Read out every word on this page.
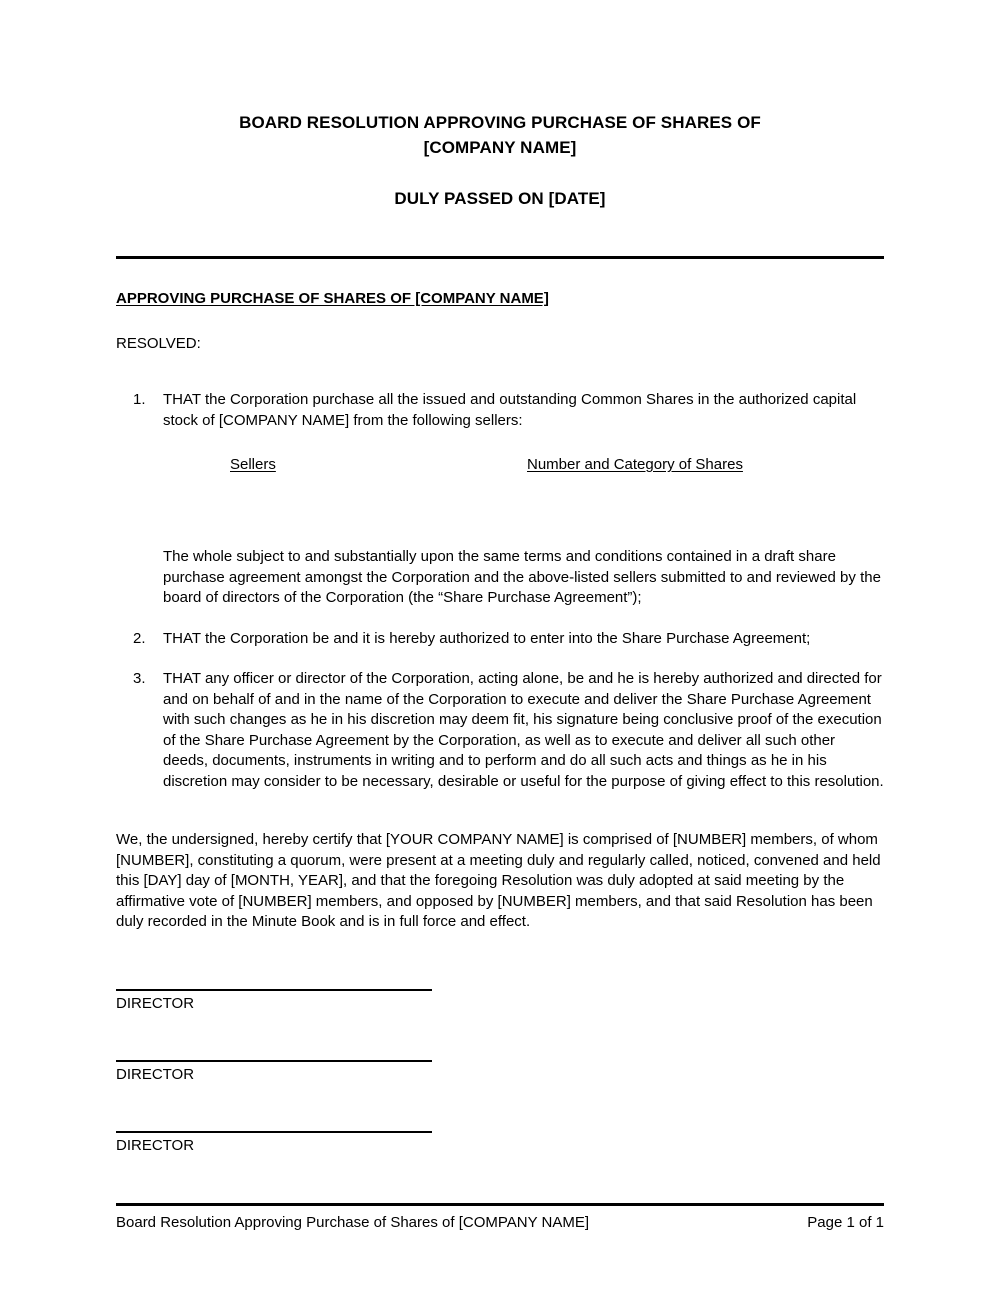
BOARD RESOLUTION APPROVING PURCHASE OF SHARES OF
[COMPANY NAME]
DULY PASSED ON [DATE]
APPROVING PURCHASE OF SHARES OF [COMPANY NAME]
RESOLVED:
1.	THAT the Corporation purchase all the issued and outstanding Common Shares in the authorized capital stock of [COMPANY NAME] from the following sellers:
Sellers	Number and Category of Shares
The whole subject to and substantially upon the same terms and conditions contained in a draft share purchase agreement amongst the Corporation and the above-listed sellers submitted to and reviewed by the board of directors of the Corporation (the “Share Purchase Agreement”);
2.	THAT the Corporation be and it is hereby authorized to enter into the Share Purchase Agreement;
3.	THAT any officer or director of the Corporation, acting alone, be and he is hereby authorized and directed for and on behalf of and in the name of the Corporation to execute and deliver the Share Purchase Agreement with such changes as he in his discretion may deem fit, his signature being conclusive proof of the execution of the Share Purchase Agreement by the Corporation, as well as to execute and deliver all such other deeds, documents, instruments in writing and to perform and do all such acts and things as he in his discretion may consider to be necessary, desirable or useful for the purpose of giving effect to this resolution.
We, the undersigned, hereby certify that [YOUR COMPANY NAME] is comprised of [NUMBER] members, of whom [NUMBER], constituting a quorum, were present at a meeting duly and regularly called, noticed, convened and held this [DAY] day of [MONTH, YEAR], and that the foregoing Resolution was duly adopted at said meeting by the affirmative vote of [NUMBER] members, and opposed by [NUMBER] members, and that said Resolution has been duly recorded in the Minute Book and is in full force and effect.
DIRECTOR
DIRECTOR
DIRECTOR
Board Resolution Approving Purchase of Shares of [COMPANY NAME]	Page 1 of 1
